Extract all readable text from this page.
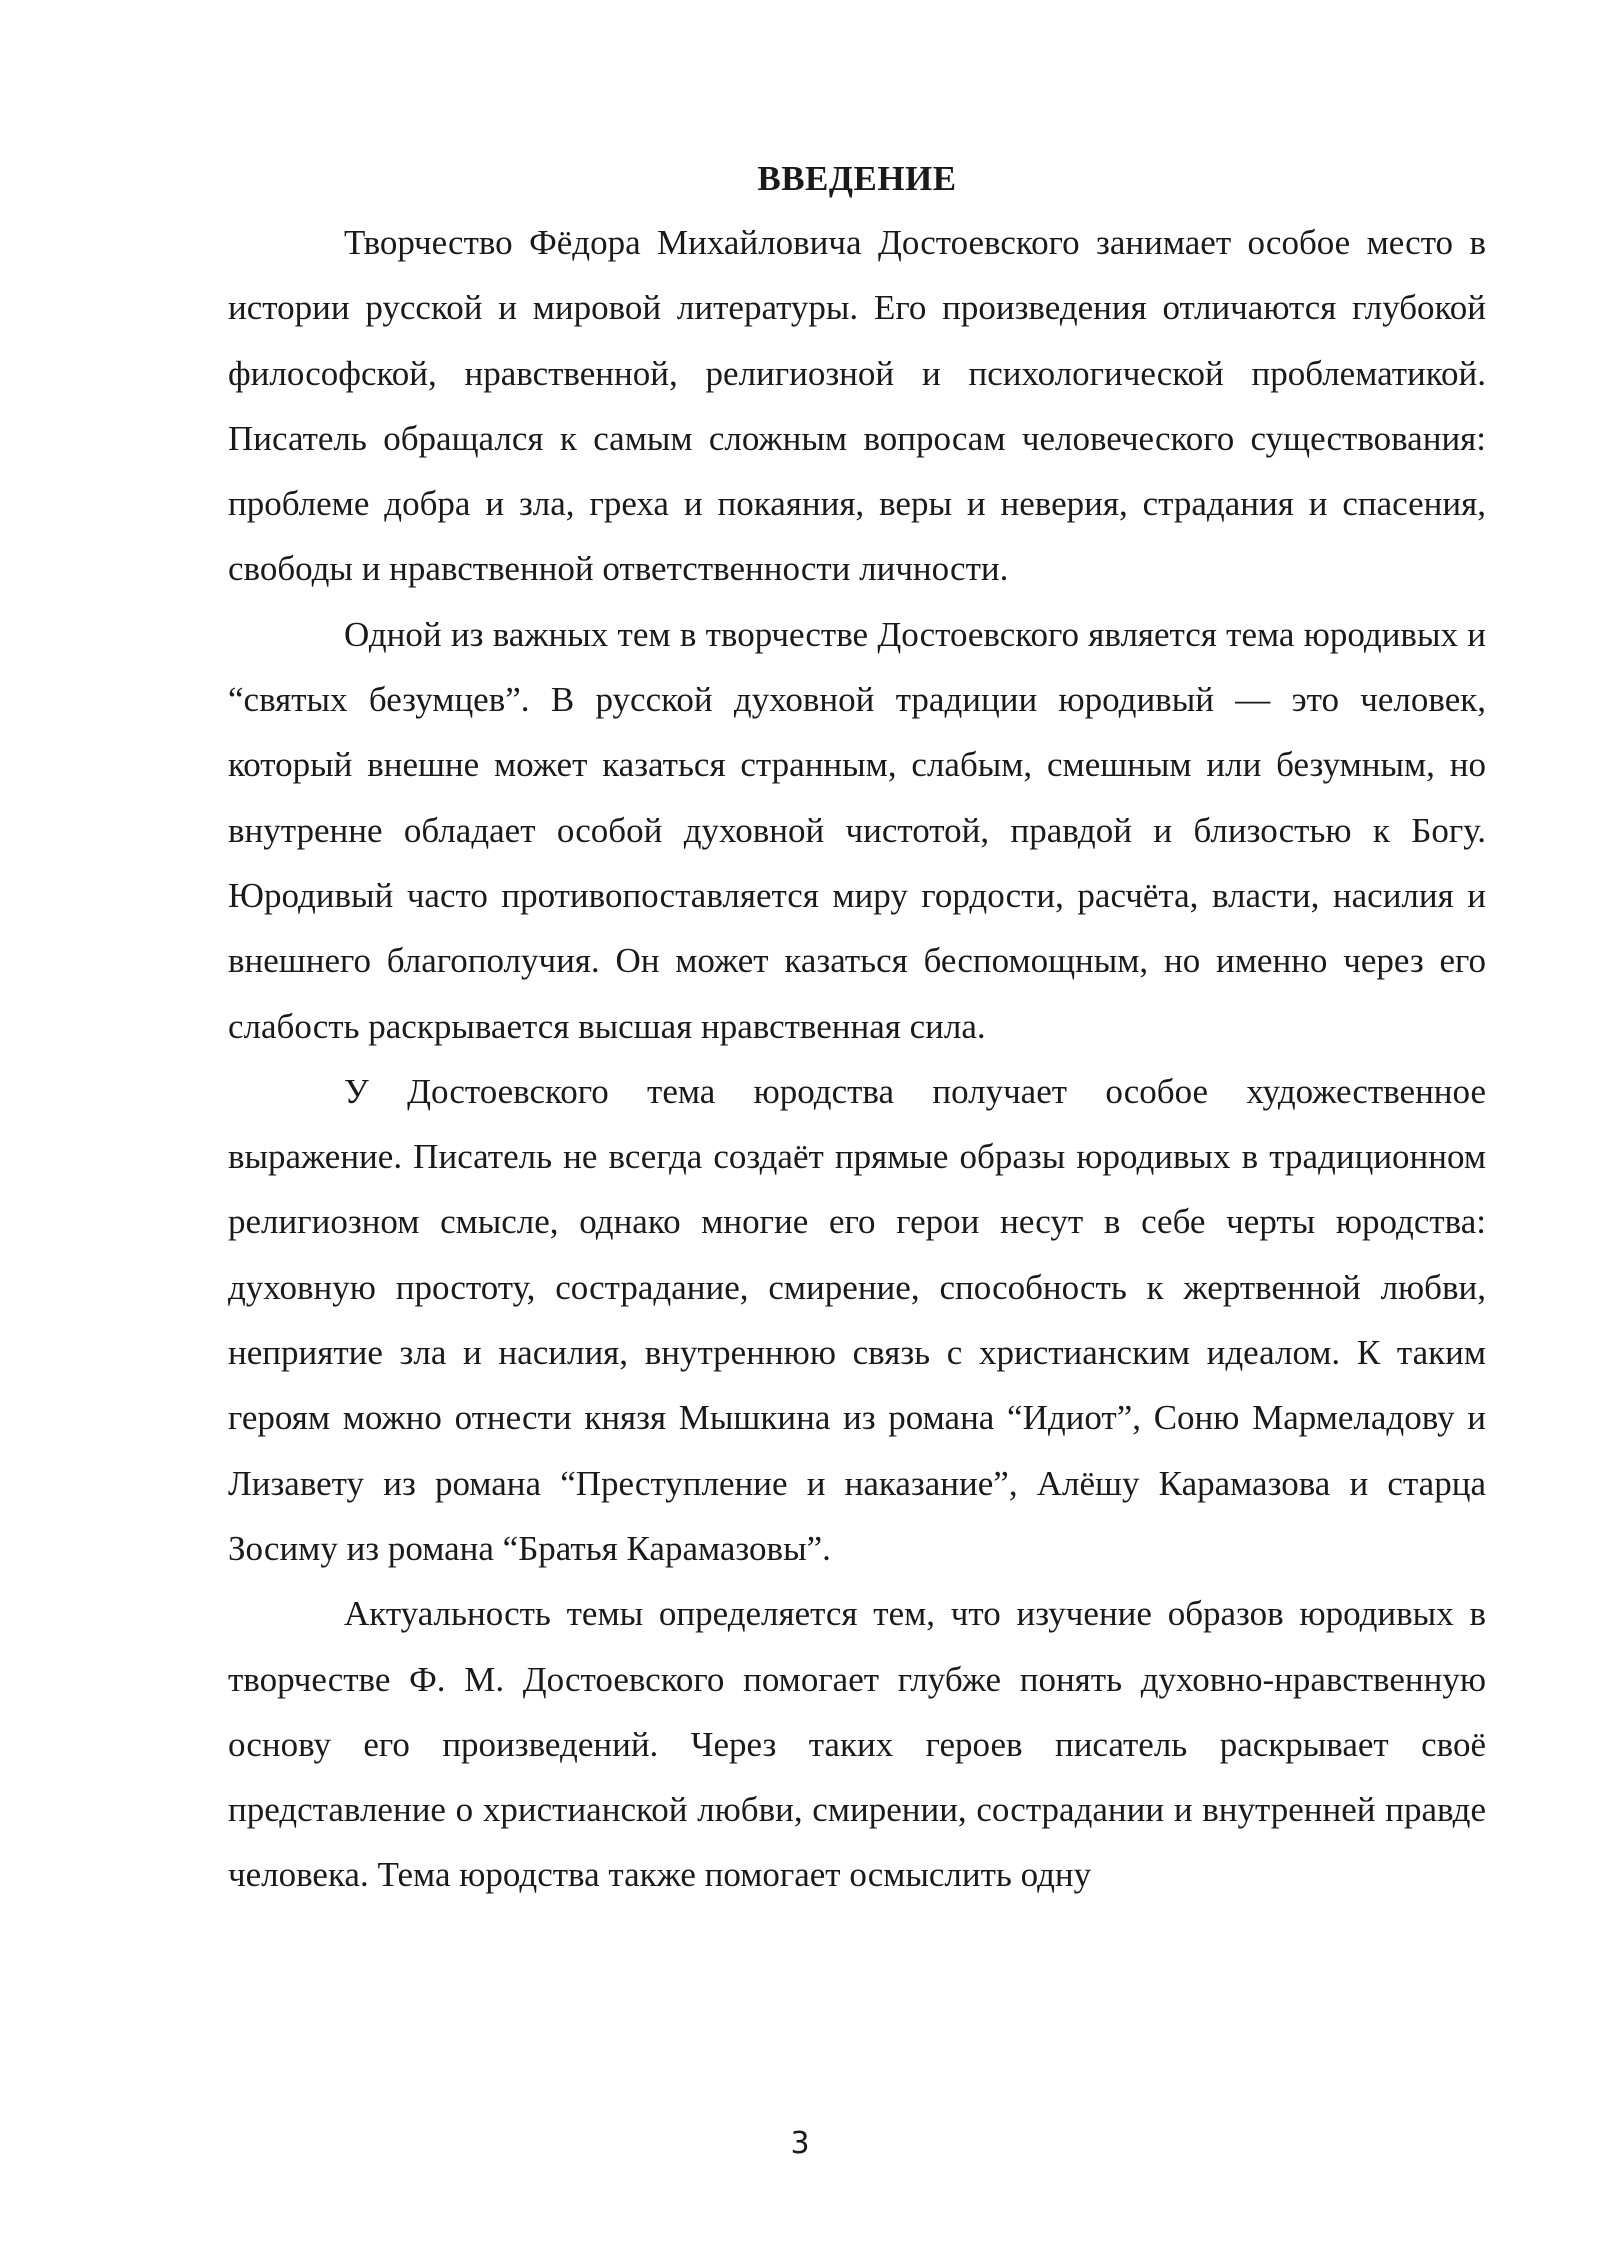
ВВЕДЕНИЕ

Творчество Фёдора Михайловича Достоевского занимает особое место в истории русской и мировой литературы. Его произведения отличаются глубокой философской, нравственной, религиозной и психологической проблематикой. Писатель обращался к самым сложным вопросам человеческого существования: проблеме добра и зла, греха и покаяния, веры и неверия, страдания и спасения, свободы и нравственной ответственности личности.

Одной из важных тем в творчестве Достоевского является тема юродивых и “святых безумцев”. В русской духовной традиции юродивый — это человек, который внешне может казаться странным, слабым, смешным или безумным, но внутренне обладает особой духовной чистотой, правдой и близостью к Богу. Юродивый часто противопоставляется миру гордости, расчёта, власти, насилия и внешнего благополучия. Он может казаться беспомощным, но именно через его слабость раскрывается высшая нравственная сила.

У Достоевского тема юродства получает особое художественное выражение. Писатель не всегда создаёт прямые образы юродивых в традиционном религиозном смысле, однако многие его герои несут в себе черты юродства: духовную простоту, сострадание, смирение, способность к жертвенной любви, неприятие зла и насилия, внутреннюю связь с христианским идеалом. К таким героям можно отнести князя Мышкина из романа “Идиот”, Соню Мармеладову и Лизавету из романа “Преступление и наказание”, Алёшу Карамазова и старца Зосиму из романа “Братья Карамазовы”.

Актуальность темы определяется тем, что изучение образов юродивых в творчестве Ф. М. Достоевского помогает глубже понять духовно-нравственную основу его произведений. Через таких героев писатель раскрывает своё представление о христианской любви, смирении, сострадании и внутренней правде человека. Тема юродства также помогает осмыслить одну

3
